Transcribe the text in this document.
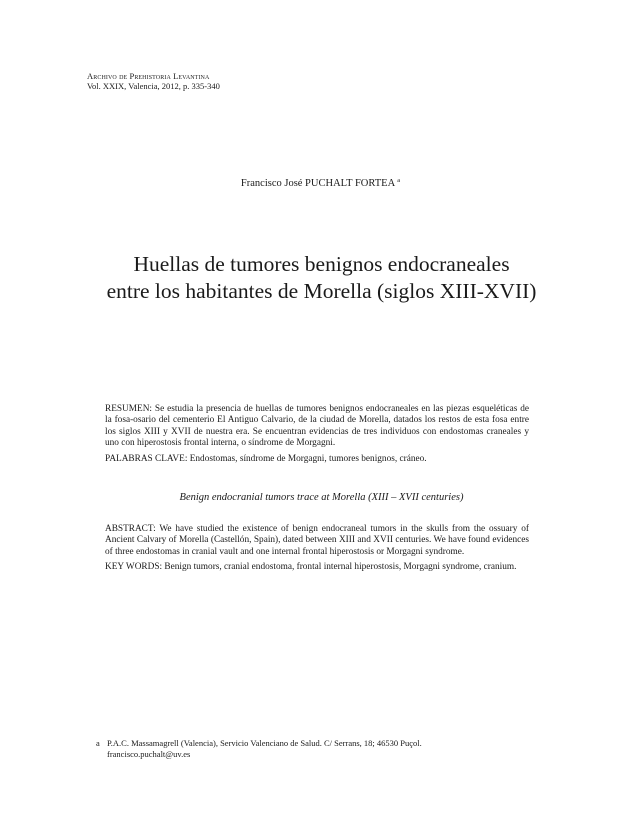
Archivo de Prehistoria Levantina
Vol. XXIX, Valencia, 2012, p. 335-340
Francisco José PUCHALT FORTEA $^a$
Huellas de tumores benignos endocraneales
entre los habitantes de Morella (siglos XIII-XVII)

RESUMEN: Se estudia la presencia de huellas de tumores benignos endocraneales en las piezas esqueléticas de la fosa-osario del cementerio El Antiguo Calvario, de la ciudad de Morella, datados los restos de esta fosa entre los siglos XIII y XVII de nuestra era. Se encuentran evidencias de tres individuos con endostomas craneales y uno con hiperostosis frontal interna, o síndrome de Morgagni.

PALABRAS CLAVE: Endostomas, síndrome de Morgagni, tumores benignos, cráneo.

Benign endocranial tumors trace at Morella (XIII – XVII centuries)

ABSTRACT: We have studied the existence of benign endocraneal tumors in the skulls from the ossuary of Ancient Calvary of Morella (Castellón, Spain), dated between XIII and XVII centuries. We have found evidences of three endostomas in cranial vault and one internal frontal hiperostosis or Morgagni syndrome.

KEY WORDS: Benign tumors, cranial endostoma, frontal internal hiperostosis, Morgagni syndrome, cranium.

a P.A.C. Massamagrell (Valencia), Servicio Valenciano de Salud. C/ Serrans, 18; 46530 Puçol.
francisco.puchalt@uv.es
